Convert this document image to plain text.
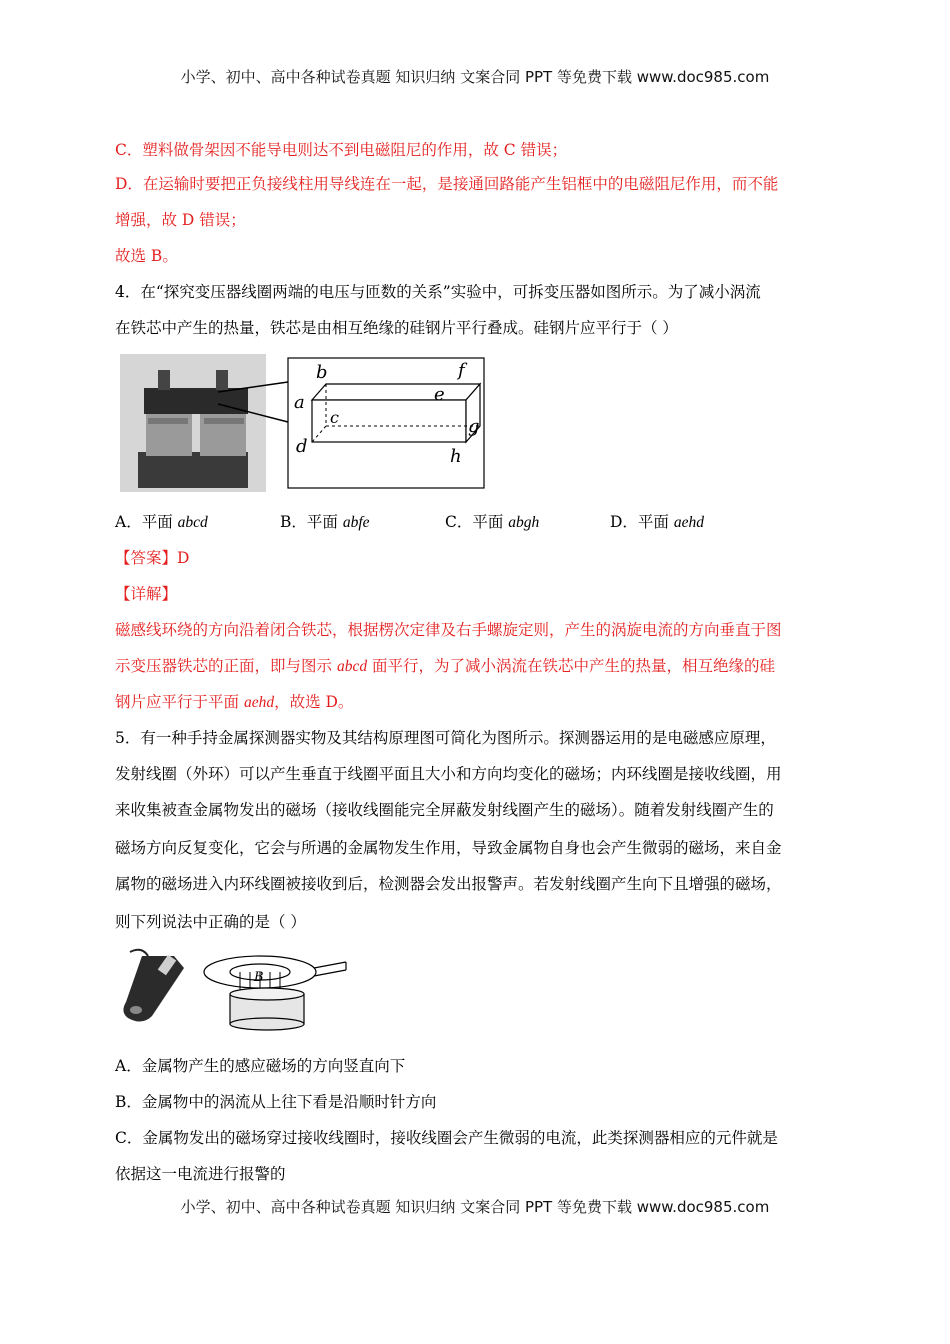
小学、初中、高中各种试卷真题 知识归纳 文案合同 PPT 等免费下载 www.doc985.com
C．塑料做骨架因不能导电则达不到电磁阻尼的作用，故 C 错误；
D．在运输时要把正负接线柱用导线连在一起，是接通回路能产生铝框中的电磁阻尼作用，而不能
增强，故 D 错误；
故选 B。
4．在“探究变压器线圈两端的电压与匝数的关系”实验中，可拆变压器如图所示。为了减小涡流
在铁芯中产生的热量，铁芯是由相互绝缘的硅钢片平行叠成。硅钢片应平行于（ ）
a
b
c
d
e
f
g
h
A．平面 abcd	B．平面 abfe	C．平面 abgh	D．平面 aehd
【答案】D
【详解】
磁感线环绕的方向沿着闭合铁芯，根据楞次定律及右手螺旋定则，产生的涡旋电流的方向垂直于图
示变压器铁芯的正面，即与图示 abcd 面平行，为了减小涡流在铁芯中产生的热量，相互绝缘的硅
钢片应平行于平面 aehd，故选 D。
5．有一种手持金属探测器实物及其结构原理图可简化为图所示。探测器运用的是电磁感应原理，
发射线圈（外环）可以产生垂直于线圈平面且大小和方向均变化的磁场；内环线圈是接收线圈，用
来收集被查金属物发出的磁场（接收线圈能完全屏蔽发射线圈产生的磁场）。随着发射线圈产生的
磁场方向反复变化，它会与所遇的金属物发生作用，导致金属物自身也会产生微弱的磁场，来自金
属物的磁场进入内环线圈被接收到后，检测器会发出报警声。若发射线圈产生向下且增强的磁场，
则下列说法中正确的是（ ）
B
A．金属物产生的感应磁场的方向竖直向下
B．金属物中的涡流从上往下看是沿顺时针方向
C．金属物发出的磁场穿过接收线圈时，接收线圈会产生微弱的电流，此类探测器相应的元件就是
依据这一电流进行报警的
小学、初中、高中各种试卷真题 知识归纳 文案合同 PPT 等免费下载 www.doc985.com
